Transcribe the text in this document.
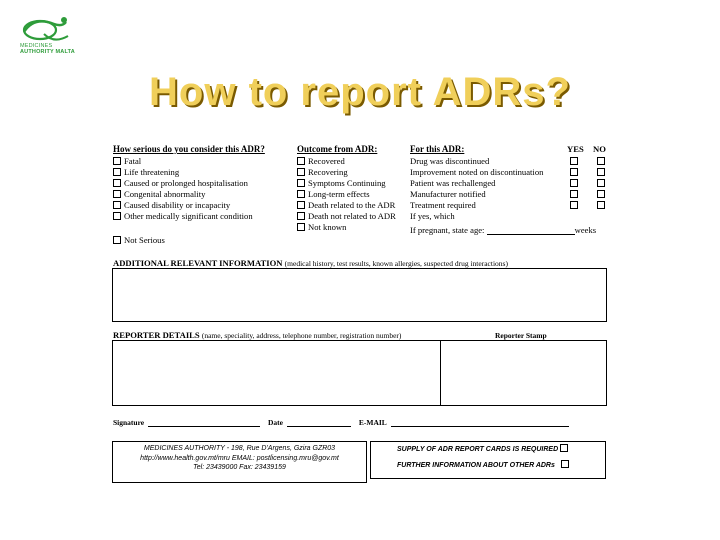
MEDICINES
AUTHORITY MALTA
How to report ADRs?
How serious do you consider this ADR?
Fatal
Life threatening
Caused or prolonged hospitalisation
Congenital abnormality
Caused disability or incapacity
Other medically significant condition
Not Serious
Outcome from ADR:
Recovered
Recovering
Symptoms Continuing
Long-term effects
Death related to the ADR
Death not related to ADR
Not known
For this ADR:	YES NO
Drug was discontinued
Improvement noted on discontinuation
Patient was rechallenged
Manufacturer notified
Treatment required
If yes, which
If pregnant, state age:	weeks
ADDITIONAL RELEVANT INFORMATION (medical history, test results, known allergies, suspected drug interactions)
REPORTER DETAILS (name, speciality, address, telephone number, registration number)	Reporter Stamp
Signature	Date	E-MAIL
MEDICINES AUTHORITY - 198, Rue D'Argens, Gzira GZR03
http://www.health.gov.mt/mru EMAIL: postlicensing.mru@gov.mt
Tel: 23439000 Fax: 23439159
SUPPLY OF ADR REPORT CARDS IS REQUIRED
FURTHER INFORMATION ABOUT OTHER ADRs
